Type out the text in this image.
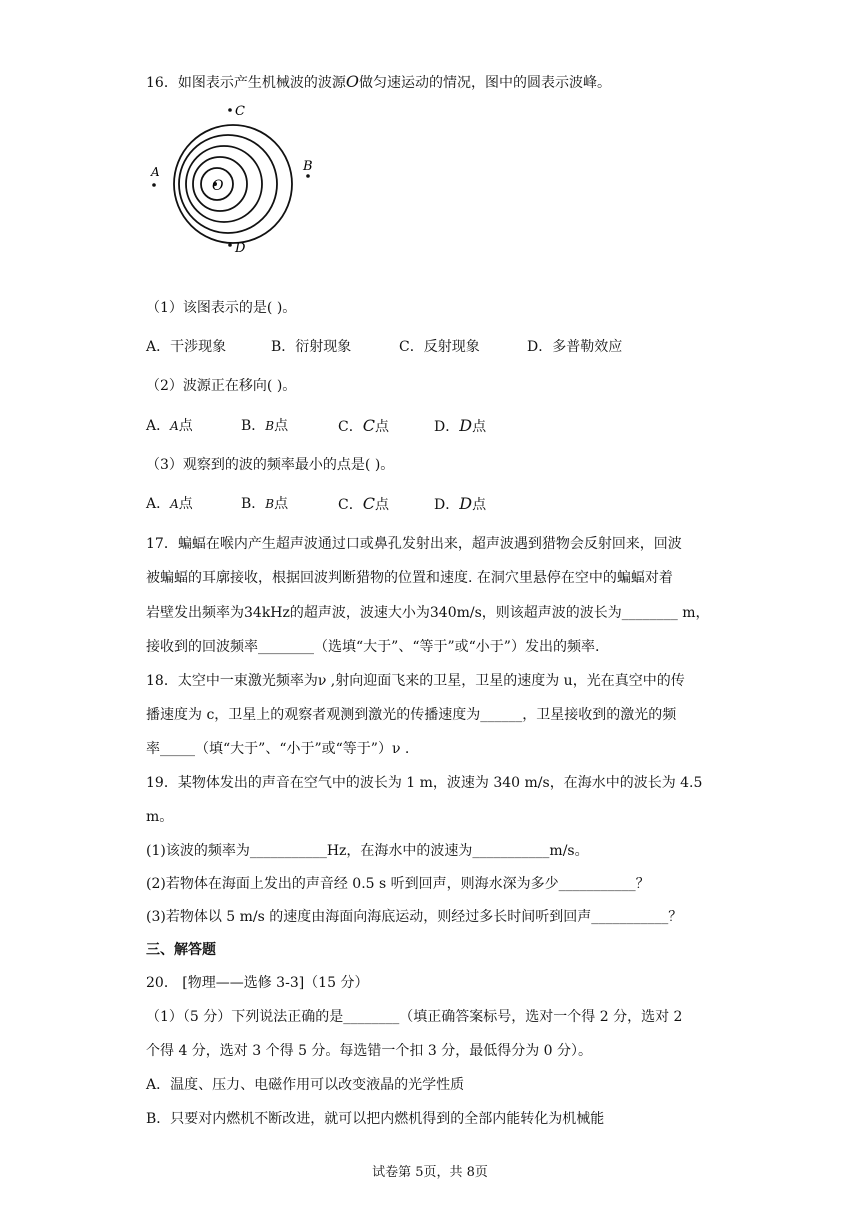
16．如图表示产生机械波的波源O做匀速运动的情况，图中的圆表示波峰。
O
C
A	B
D
（1）该图表示的是( )。
A．干涉现象	B．衍射现象	C．反射现象	D．多普勒效应
（2）波源正在移向( )。
A．A点	B．B点	C．C点	D．D点
（3）观察到的波的频率最小的点是( )。
A．A点	B．B点	C．C点	D．D点
17．蝙蝠在喉内产生超声波通过口或鼻孔发射出来，超声波遇到猎物会反射回来，回波
被蝙蝠的耳廓接收，根据回波判断猎物的位置和速度. 在洞穴里悬停在空中的蝙蝠对着
岩壁发出频率为34kHz的超声波，波速大小为340m/s，则该超声波的波长为________ m，
接收到的回波频率________（选填“大于”、“等于”或“小于”）发出的频率.
18．太空中一束激光频率为ν ,射向迎面飞来的卫星，卫星的速度为 u，光在真空中的传
播速度为 c，卫星上的观察者观测到激光的传播速度为______，卫星接收到的激光的频
率_____（填“大于”、“小于”或“等于”）ν .
19．某物体发出的声音在空气中的波长为 1 m，波速为 340 m/s，在海水中的波长为 4.5
m。
(1)该波的频率为___________Hz，在海水中的波速为___________m/s。
(2)若物体在海面上发出的声音经 0.5 s 听到回声，则海水深为多少___________？
(3)若物体以 5 m/s 的速度由海面向海底运动，则经过多长时间听到回声___________？
三、解答题
20． [物理——选修 3-3]（15 分）
（1）（5 分）下列说法正确的是________（填正确答案标号，选对一个得 2 分，选对 2
个得 4 分，选对 3 个得 5 分。每选错一个扣 3 分，最低得分为 0 分）。
A．温度、压力、电磁作用可以改变液晶的光学性质
B．只要对内燃机不断改进，就可以把内燃机得到的全部内能转化为机械能
试卷第 5页，共 8页
